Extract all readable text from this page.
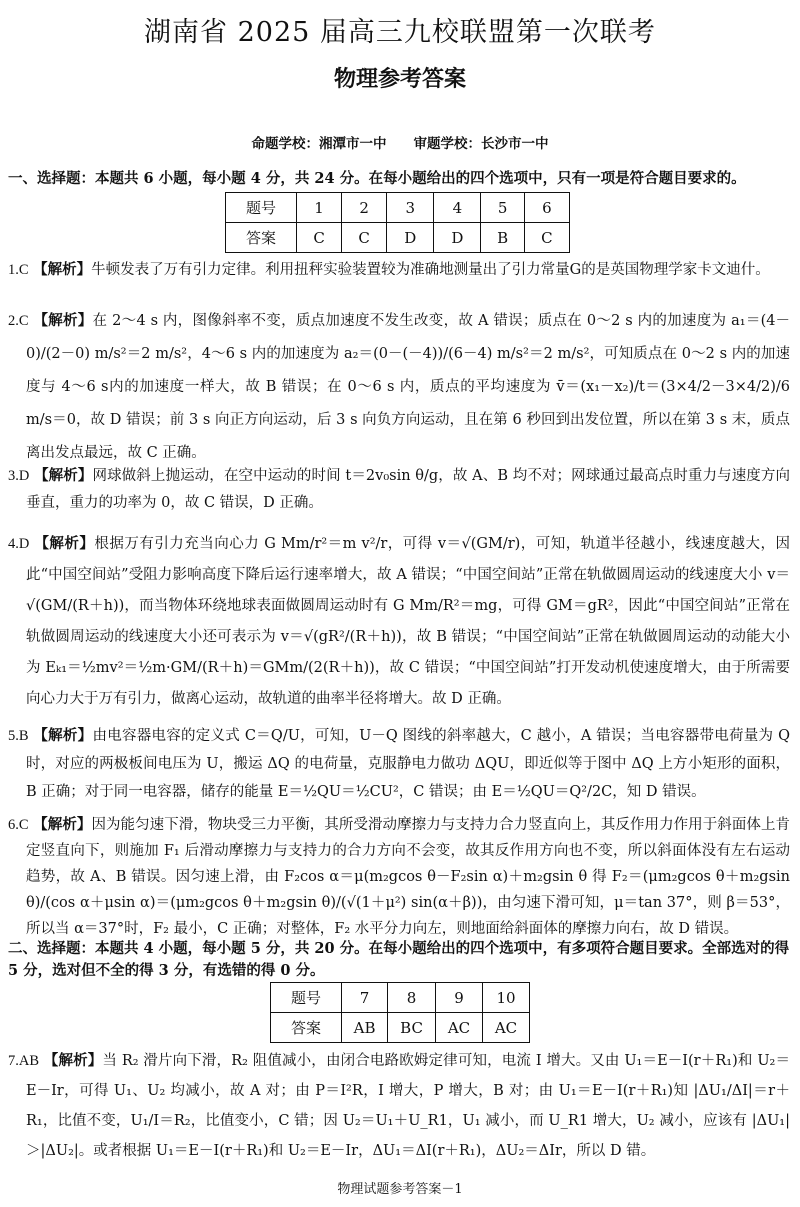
湖南省 2025 届高三九校联盟第一次联考
物理参考答案
命题学校：湘潭市一中　　审题学校：长沙市一中
一、选择题：本题共 6 小题，每小题 4 分，共 24 分。在每小题给出的四个选项中，只有一项是符合题目要求的。
题号	1	2	3	4	5	6
答案	C	C	D	D	B	C

1.C 【解析】牛顿发表了万有引力定律。利用扭秤实验装置较为准确地测量出了引力常量G的是英国物理学家卡文迪什。

2.C 【解析】在 2～4 s 内，图像斜率不变，质点加速度不发生改变，故 A 错误；质点在 0～2 s 内的加速度为 a₁＝(4－0)/(2－0) m/s²＝2 m/s²，4～6 s 内的加速度为 a₂＝(0－(－4))/(6－4) m/s²＝2 m/s²，可知质点在 0～2 s 内的加速度与 4～6 s内的加速度一样大，故 B 错误；在 0～6 s 内，质点的平均速度为 v̄＝(x₁－x₂)/t＝(3×4/2－3×4/2)/6 m/s＝0，故 D 错误；前 3 s 向正方向运动，后 3 s 向负方向运动，且在第 6 秒回到出发位置，所以在第 3 s 末，质点离出发点最远，故 C 正确。

3.D 【解析】网球做斜上抛运动，在空中运动的时间 t＝2v₀sin θ/g，故 A、B 均不对；网球通过最高点时重力与速度方向垂直，重力的功率为 0，故 C 错误，D 正确。

4.D 【解析】根据万有引力充当向心力 G Mm/r²＝m v²/r，可得 v＝√(GM/r)，可知，轨道半径越小，线速度越大，因此“中国空间站”受阻力影响高度下降后运行速率增大，故 A 错误；“中国空间站”正常在轨做圆周运动的线速度大小 v＝√(GM/(R＋h))，而当物体环绕地球表面做圆周运动时有 G Mm/R²＝mg，可得 GM＝gR²，因此“中国空间站”正常在轨做圆周运动的线速度大小还可表示为 v＝√(gR²/(R＋h))，故 B 错误；“中国空间站”正常在轨做圆周运动的动能大小为 Eₖ₁＝½mv²＝½m·GM/(R＋h)＝GMm/(2(R＋h))，故 C 错误；“中国空间站”打开发动机使速度增大，由于所需要向心力大于万有引力，做离心运动，故轨道的曲率半径将增大。故 D 正确。

5.B 【解析】由电容器电容的定义式 C＝Q/U，可知，U－Q 图线的斜率越大，C 越小，A 错误；当电容器带电荷量为 Q 时，对应的两极板间电压为 U，搬运 ΔQ 的电荷量，克服静电力做功 ΔQU，即近似等于图中 ΔQ 上方小矩形的面积，B 正确；对于同一电容器，储存的能量 E＝½QU＝½CU²，C 错误；由 E＝½QU＝Q²/2C，知 D 错误。

6.C 【解析】因为能匀速下滑，物块受三力平衡，其所受滑动摩擦力与支持力合力竖直向上，其反作用力作用于斜面体上肯定竖直向下，则施加 F₁ 后滑动摩擦力与支持力的合力方向不会变，故其反作用方向也不变，所以斜面体没有左右运动趋势，故 A、B 错误。因匀速上滑，由 F₂cos α＝μ(m₂gcos θ－F₂sin α)＋m₂gsin θ 得 F₂＝(μm₂gcos θ＋m₂gsin θ)/(cos α＋μsin α)＝(μm₂gcos θ＋m₂gsin θ)/(√(1＋μ²) sin(α＋β))，由匀速下滑可知，μ＝tan 37°，则 β＝53°，所以当 α＝37°时，F₂ 最小，C 正确；对整体，F₂ 水平分力向左，则地面给斜面体的摩擦力向右，故 D 错误。

二、选择题：本题共 4 小题，每小题 5 分，共 20 分。在每小题给出的四个选项中，有多项符合题目要求。全部选对的得 5 分，选对但不全的得 3 分，有选错的得 0 分。
题号	7	8	9	10
答案	AB	BC	AC	AC

7.AB 【解析】当 R₂ 滑片向下滑，R₂ 阻值减小，由闭合电路欧姆定律可知，电流 I 增大。又由 U₁＝E－I(r＋R₁)和 U₂＝E－Ir，可得 U₁、U₂ 均减小，故 A 对；由 P＝I²R，I 增大，P 增大，B 对；由 U₁＝E－I(r＋R₁)知 |ΔU₁/ΔI|＝r＋R₁，比值不变，U₁/I＝R₂，比值变小，C 错；因 U₂＝U₁＋U_R1，U₁ 减小，而 U_R1 增大，U₂ 减小，应该有 |ΔU₁|＞|ΔU₂|。或者根据 U₁＝E－I(r＋R₁)和 U₂＝E－Ir，ΔU₁＝ΔI(r＋R₁)，ΔU₂＝ΔIr，所以 D 错。

物理试题参考答案－1
